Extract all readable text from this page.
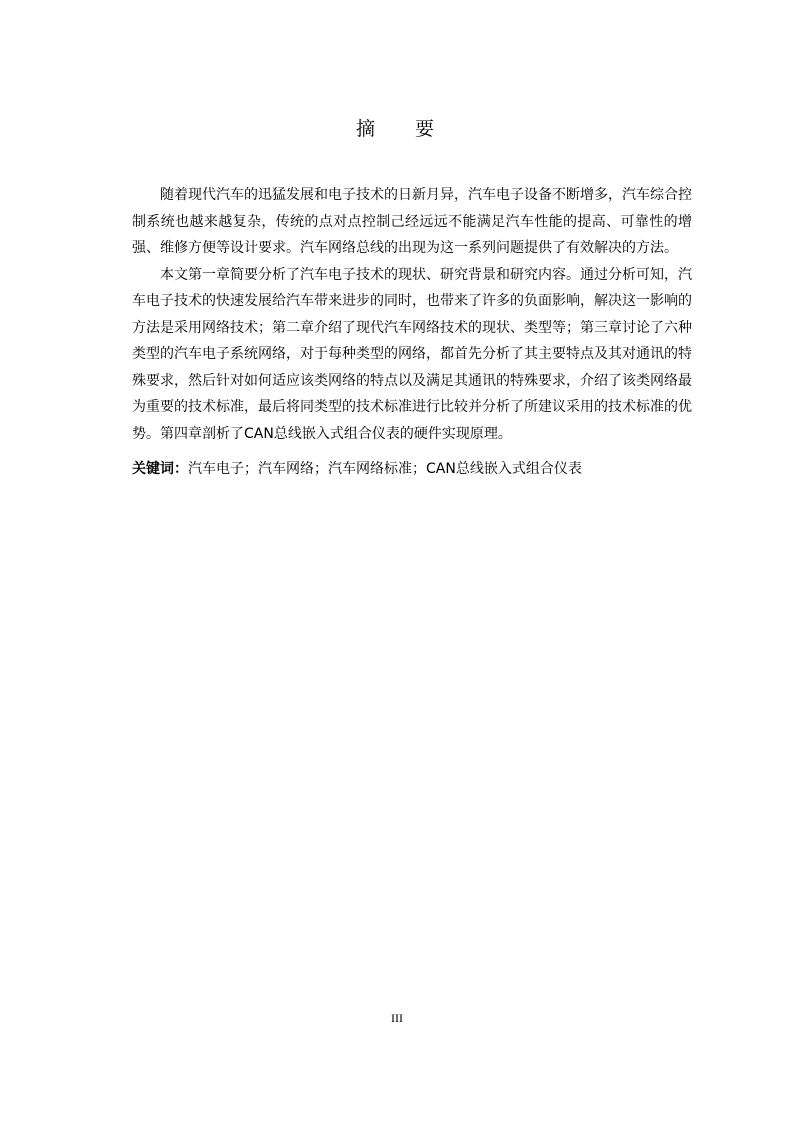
摘要

随着现代汽车的迅猛发展和电子技术的日新月异，汽车电子设备不断增多，汽车综合控制系统也越来越复杂，传统的点对点控制己经远远不能满足汽车性能的提高、可靠性的增强、维修方便等设计要求。汽车网络总线的出现为这一系列问题提供了有效解决的方法。

本文第一章简要分析了汽车电子技术的现状、研究背景和研究内容。通过分析可知，汽车电子技术的快速发展给汽车带来进步的同时，也带来了许多的负面影响，解决这一影响的方法是采用网络技术；第二章介绍了现代汽车网络技术的现状、类型等；第三章讨论了六种类型的汽车电子系统网络，对于每种类型的网络，都首先分析了其主要特点及其对通讯的特殊要求，然后针对如何适应该类网络的特点以及满足其通讯的特殊要求，介绍了该类网络最为重要的技术标准，最后将同类型的技术标准进行比较并分析了所建议采用的技术标准的优势。第四章剖析了CAN总线嵌入式组合仪表的硬件实现原理。

关键词：汽车电子；汽车网络；汽车网络标准；CAN总线嵌入式组合仪表

III
